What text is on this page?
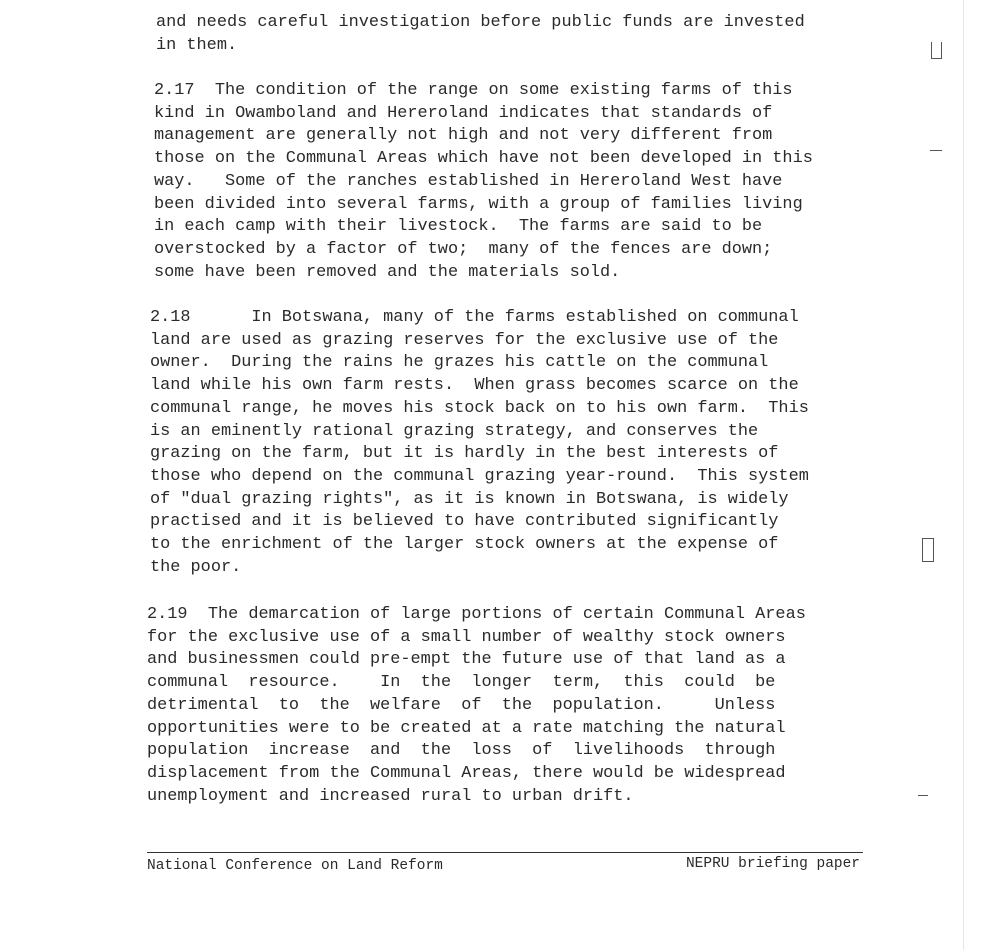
and needs careful investigation before public funds are invested
in them.
2.17  The condition of the range on some existing farms of this
kind in Owamboland and Hereroland indicates that standards of
management are generally not high and not very different from
those on the Communal Areas which have not been developed in this
way.   Some of the ranches established in Hereroland West have
been divided into several farms, with a group of families living
in each camp with their livestock.  The farms are said to be
overstocked by a factor of two;  many of the fences are down;
some have been removed and the materials sold.
2.18      In Botswana, many of the farms established on communal
land are used as grazing reserves for the exclusive use of the
owner.  During the rains he grazes his cattle on the communal
land while his own farm rests.  When grass becomes scarce on the
communal range, he moves his stock back on to his own farm.  This
is an eminently rational grazing strategy, and conserves the
grazing on the farm, but it is hardly in the best interests of
those who depend on the communal grazing year-round.  This system
of "dual grazing rights", as it is known in Botswana, is widely
practised and it is believed to have contributed significantly
to the enrichment of the larger stock owners at the expense of
the poor.
2.19  The demarcation of large portions of certain Communal Areas
for the exclusive use of a small number of wealthy stock owners
and businessmen could pre-empt the future use of that land as a
communal  resource.    In  the  longer  term,  this  could  be
detrimental  to  the  welfare  of  the  population.     Unless
opportunities were to be created at a rate matching the natural
population  increase  and  the  loss  of  livelihoods  through
displacement from the Communal Areas, there would be widespread
unemployment and increased rural to urban drift.
National Conference on Land Reform	NEPRU briefing paper
